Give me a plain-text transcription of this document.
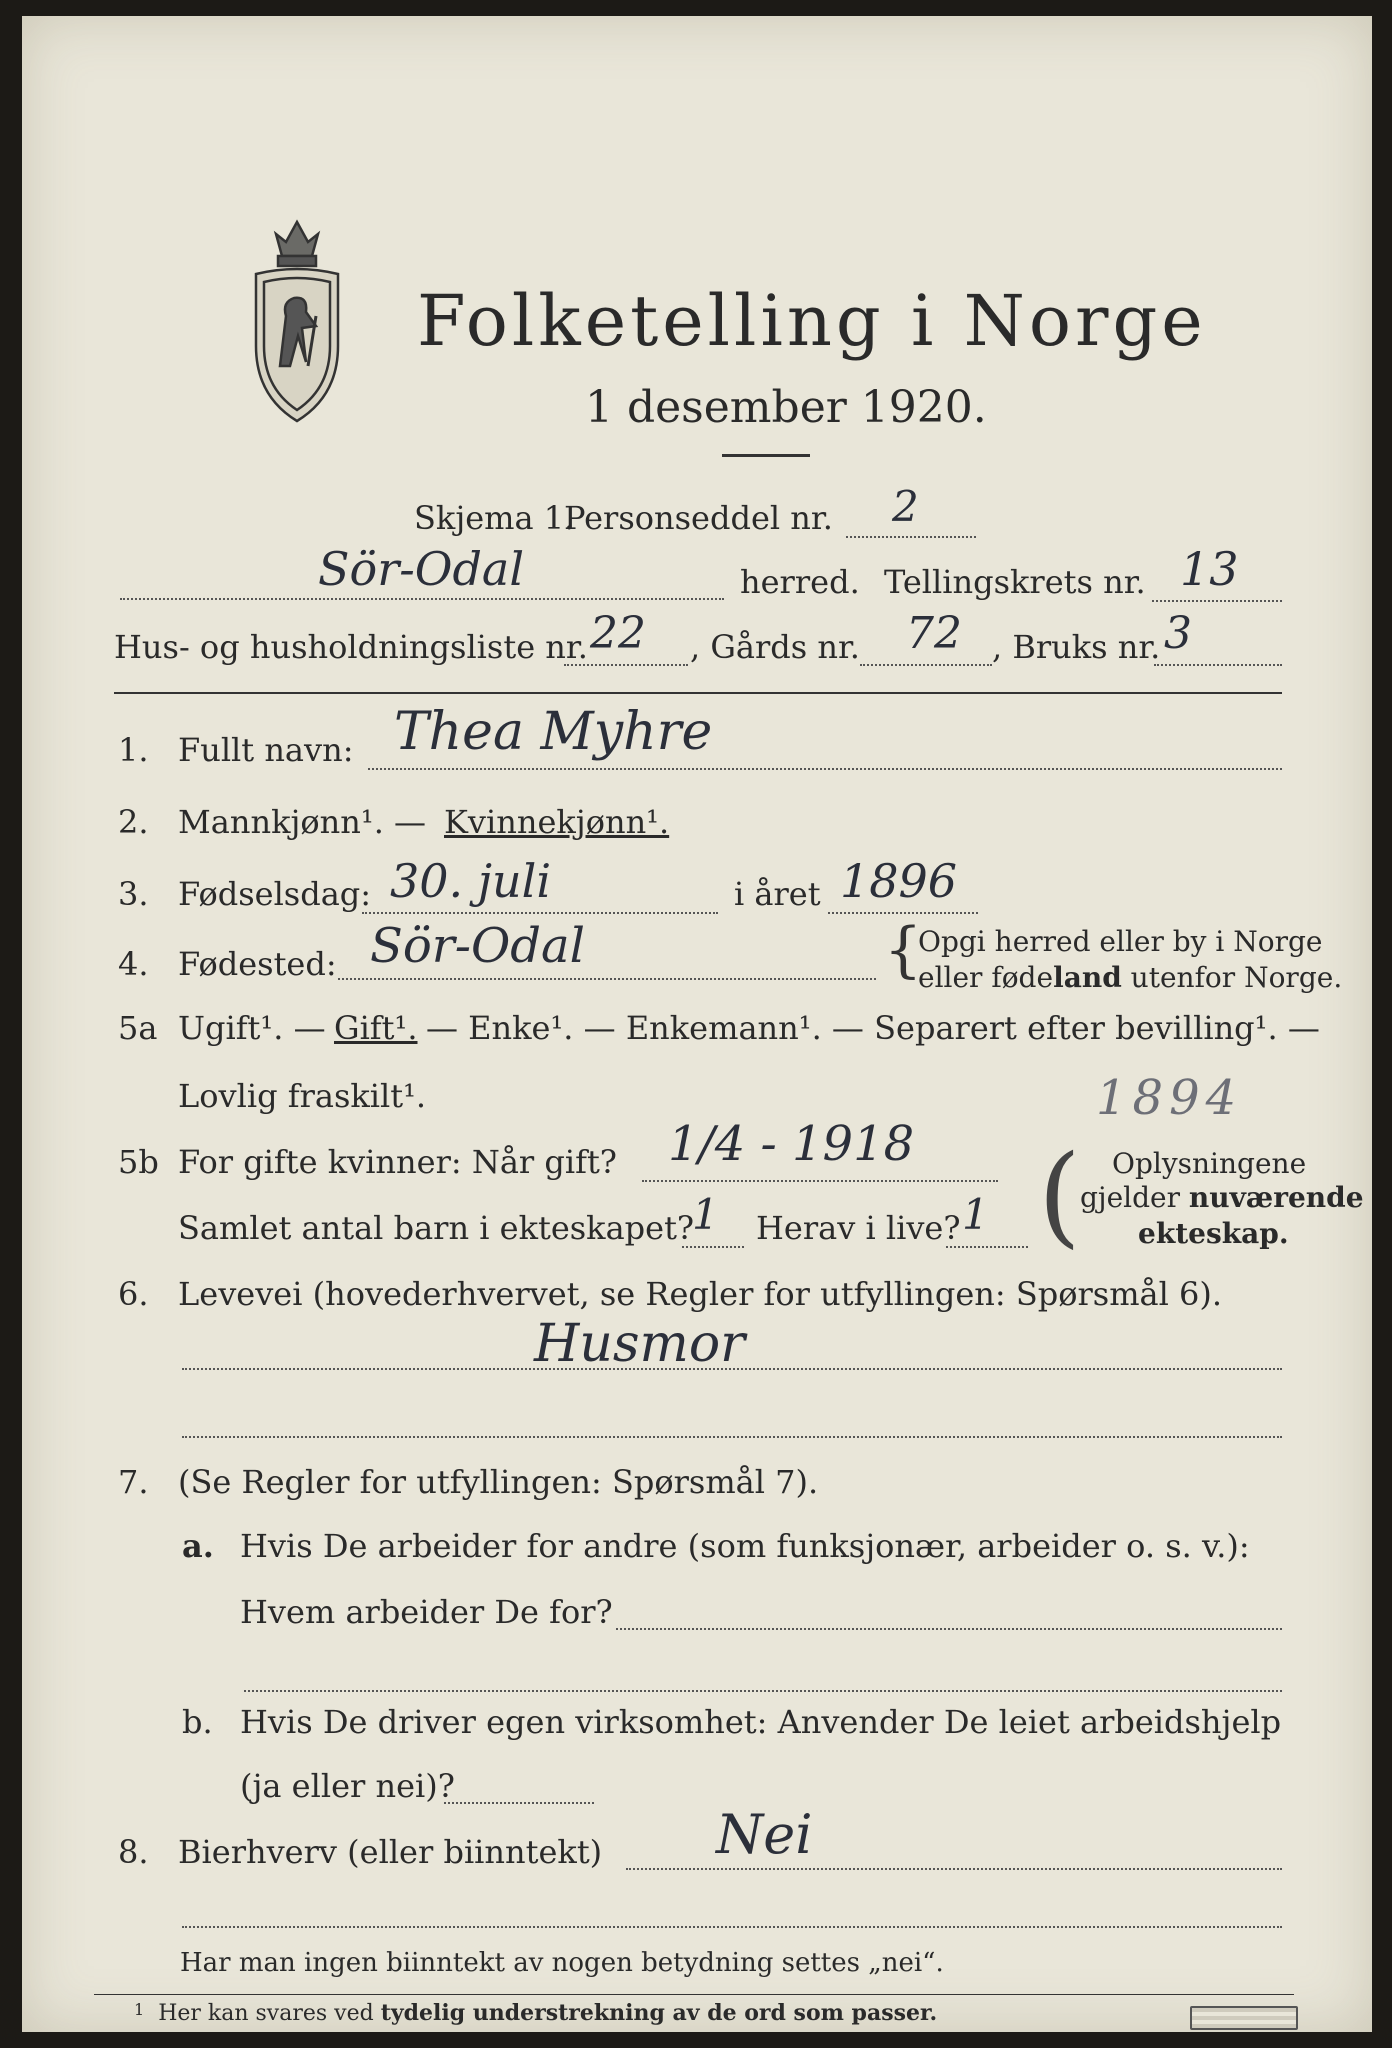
Folketelling i Norge
1 desember 1920.
Skjema 1.
Personseddel nr. 2
Sör-Odal	herred. Tellingskrets nr. 13
Hus- og husholdningsliste nr. 22 , Gårds nr. 72 , Bruks nr. 3
1. Fullt navn: Thea Myhre
2. Mannkjønn¹. — Kvinnekjønn¹.
3. Fødselsdag: 30. juli	i året 1896
4. Fødested: Sör-Odal	{
Opgi herred eller by i Norge
eller fødeland utenfor Norge.
5a Ugift¹. — Gift¹. — Enke¹. — Enkemann¹. — Separert efter bevilling¹. —
Lovlig fraskilt¹.	1894
5b For gifte kvinner: Når gift? 1/4 - 1918
Samlet antal barn i ekteskapet?
1 Herav i live? 1 ( Oplysningene
gjelder nuværende
ekteskap.
6. Levevei (hovederhvervet, se Regler for utfyllingen: Spørsmål 6).
Husmor
7. (Se Regler for utfyllingen: Spørsmål 7).
a. Hvis De arbeider for andre (som funksjonær, arbeider o. s. v.):
Hvem arbeider De for?
b. Hvis De driver egen virksomhet: Anvender De leiet arbeidshjelp
(ja eller nei)?
8. Bierhverv (eller biinntekt) Nei
Har man ingen biinntekt av nogen betydning settes „nei“.
$^1$ Her kan svares ved tydelig understrekning av de ord som passer.
